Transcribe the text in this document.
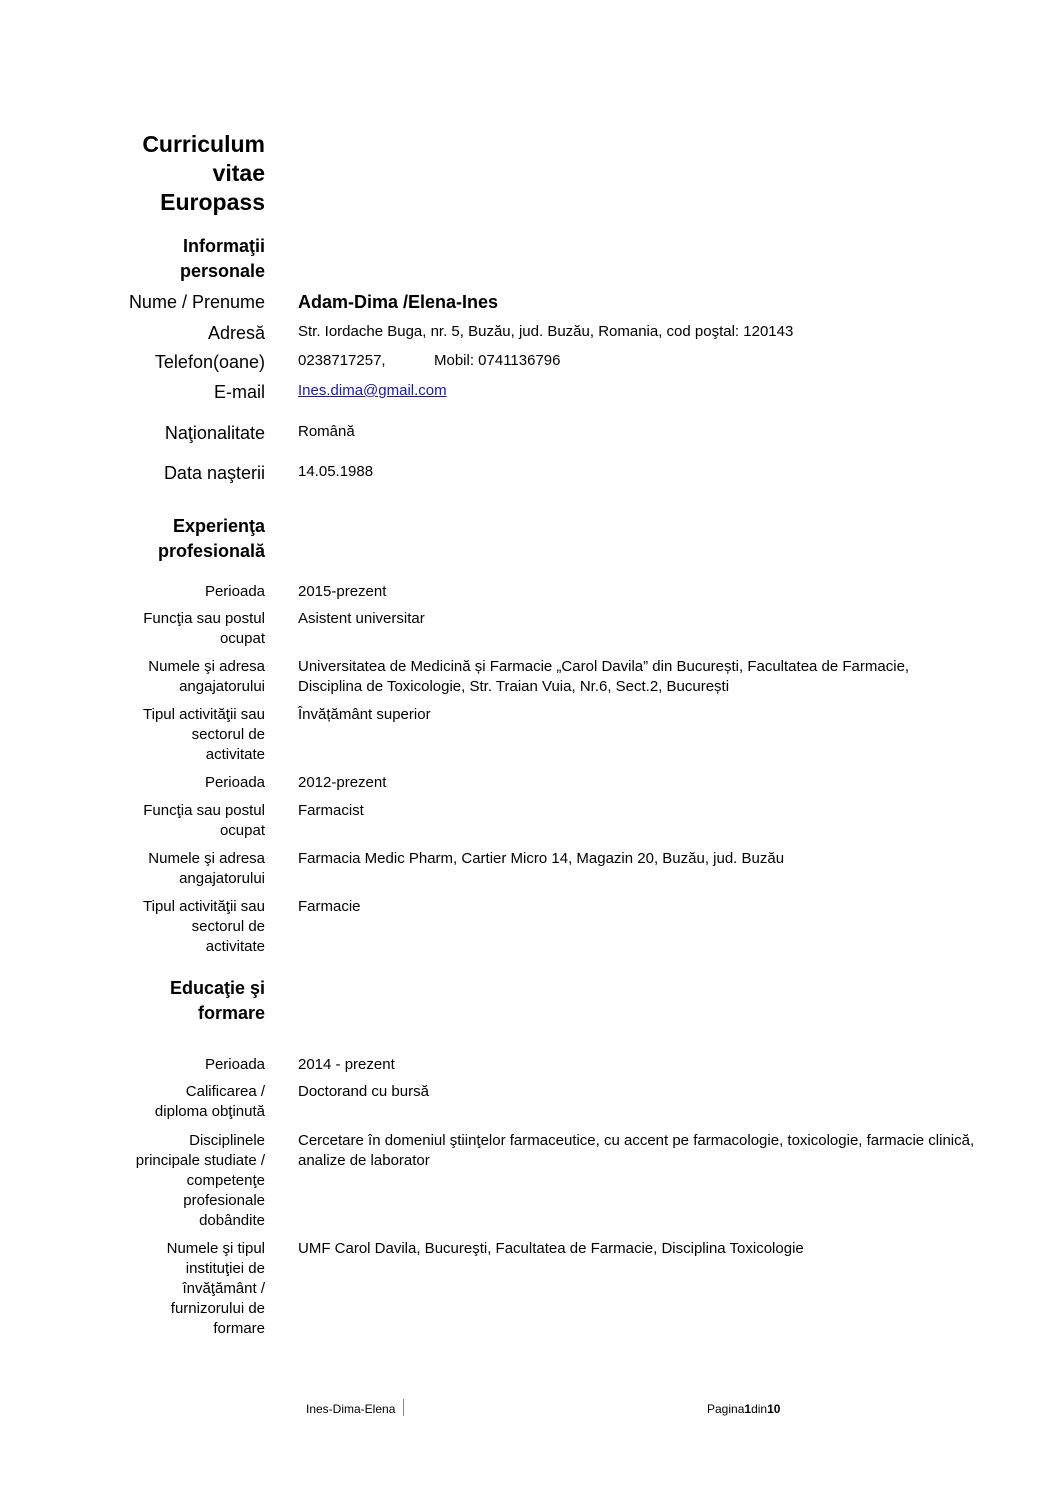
Curriculum
vitae
Europass
Informaţii
personale
Nume / Prenume Adam-Dima /Elena-Ines
Adresă Str. Iordache Buga, nr. 5, Buzău, jud. Buzău, Romania, cod poştal: 120143
Telefon(oane) 0238717257,	Mobil: 0741136796
E-mail Ines.dima@gmail.com
Naţionalitate Română
Data naşterii 14.05.1988
Experienţa
profesională
Perioada 2015-prezent
Funcţia sau postul
ocupat
Asistent universitar
Numele şi adresa
angajatorului
Universitatea de Medicină și Farmacie „Carol Davila” din București, Facultatea de Farmacie,
Disciplina de Toxicologie, Str. Traian Vuia, Nr.6, Sect.2, București
Tipul activităţii sau
sectorul de
activitate
Învățământ superior
Perioada 2012-prezent
Funcţia sau postul
ocupat
Farmacist
Numele şi adresa
angajatorului
Farmacia Medic Pharm, Cartier Micro 14, Magazin 20, Buzău, jud. Buzău
Tipul activităţii sau
sectorul de
activitate
Farmacie
Educaţie şi
formare
Perioada 2014 - prezent
Calificarea /
diploma obţinută
Doctorand cu bursă
Disciplinele
principale studiate /
competenţe
profesionale
dobândite
Cercetare în domeniul ştiinţelor farmaceutice, cu accent pe farmacologie, toxicologie, farmacie clinică,
analize de laborator
Numele şi tipul
instituţiei de
învăţământ /
furnizorului de
formare
UMF Carol Davila, Bucureşti, Facultatea de Farmacie, Disciplina Toxicologie
Ines-Dima-Elena	Pagina1din10
